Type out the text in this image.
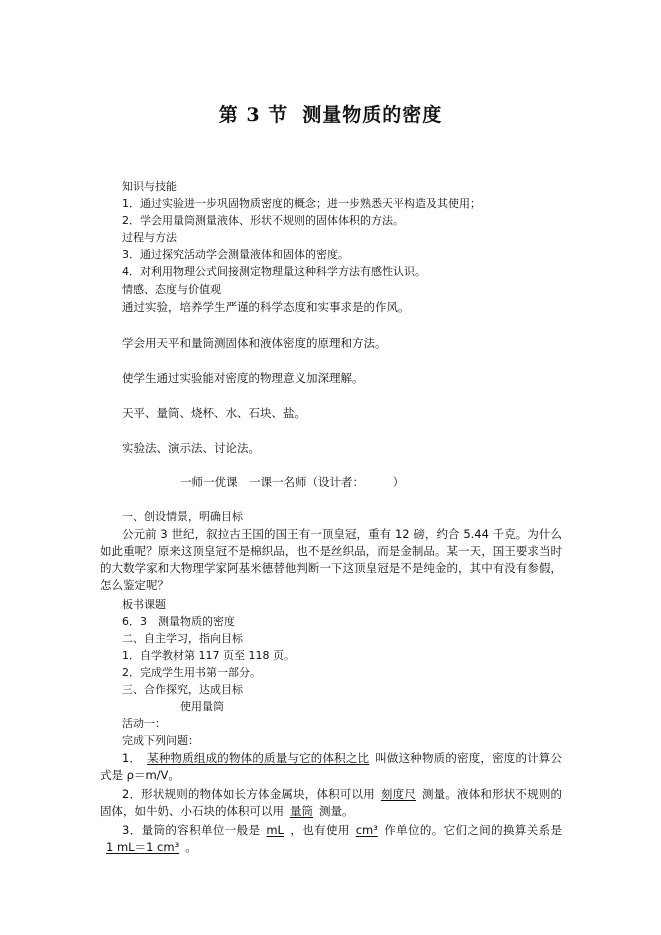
第 3 节 测量物质的密度
知识与技能
1．通过实验进一步巩固物质密度的概念；进一步熟悉天平构造及其使用；
2．学会用量筒测量液体、形状不规则的固体体积的方法。
过程与方法
3．通过探究活动学会测量液体和固体的密度。
4．对利用物理公式间接测定物理量这种科学方法有感性认识。
情感、态度与价值观
通过实验，培养学生严谨的科学态度和实事求是的作风。
学会用天平和量筒测固体和液体密度的原理和方法。
使学生通过实验能对密度的物理意义加深理解。
天平、量筒、烧杯、水、石块、盐。
实验法、演示法、讨论法。
一师一优课　一课一名师（设计者：　　　）
一、创设情景，明确目标
公元前 3 世纪，叙拉古王国的国王有一顶皇冠，重有 12 磅，约合 5.44 千克。为什么如此重呢？原来这顶皇冠不是棉织品，也不是丝织品，而是金制品。某一天，国王要求当时的大数学家和大物理学家阿基米德替他判断一下这顶皇冠是不是纯金的，其中有没有参假，怎么鉴定呢？
板书课题
6．3　测量物质的密度
二、自主学习，指向目标
1．自学教材第 117 页至 118 页。
2．完成学生用书第一部分。
三、合作探究，达成目标
使用量筒
活动一：
完成下列问题：
1． 某种物质组成的物体的质量与它的体积之比 叫做这种物质的密度，密度的计算公式是 ρ＝m/V。
2．形状规则的物体如长方体金属块，体积可以用 刻度尺 测量。液体和形状不规则的固体，如牛奶、小石块的体积可以用 量筒 测量。
3．量筒的容积单位一般是 mL ，也有使用 cm³ 作单位的。它们之间的换算关系是1 mL＝1 cm³ 。
